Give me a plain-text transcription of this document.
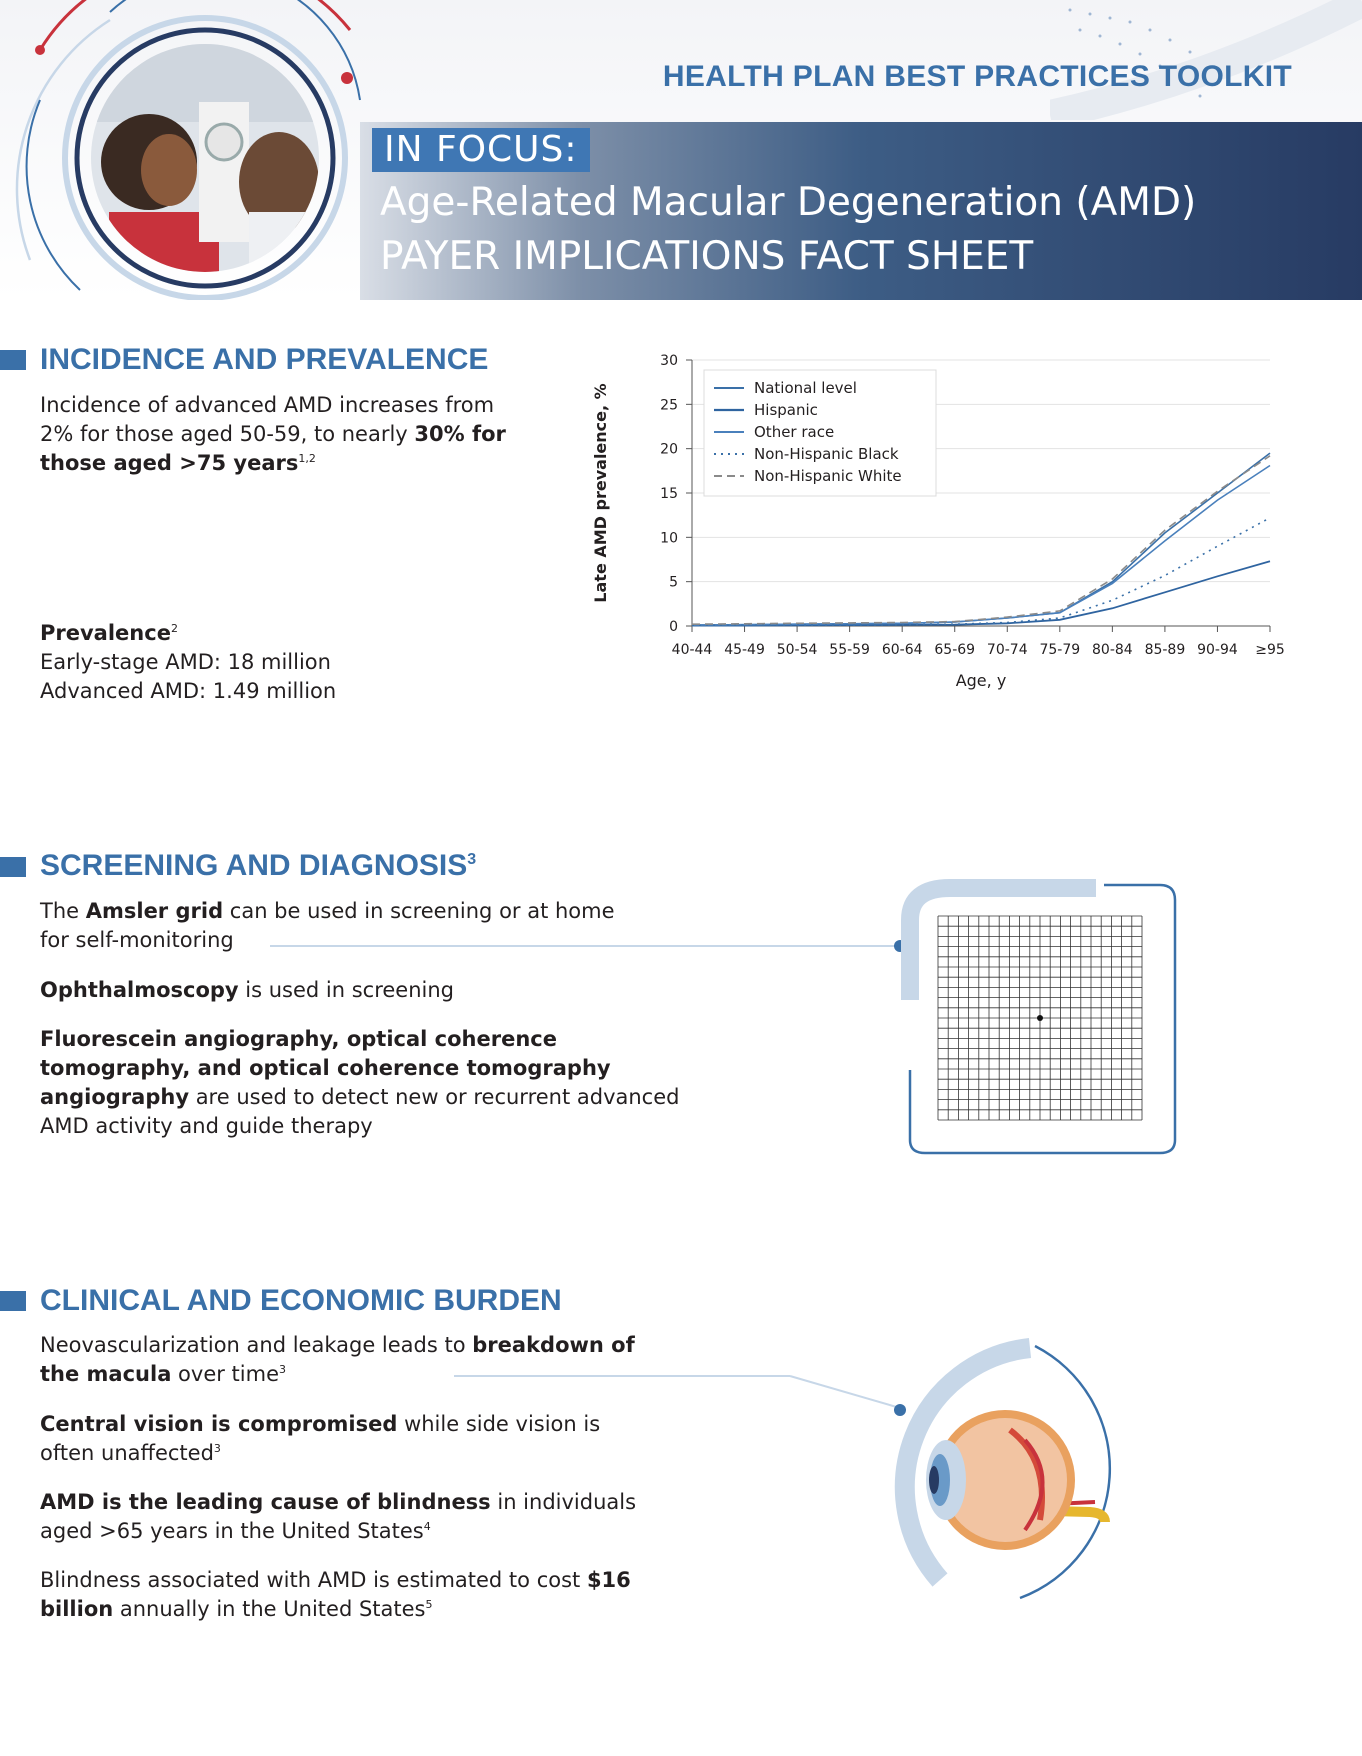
HEALTH PLAN BEST PRACTICES TOOLKIT
IN FOCUS:
Age-Related Macular Degeneration (AMD)
PAYER IMPLICATIONS FACT SHEET
INCIDENCE AND PREVALENCE
Incidence of advanced AMD increases from 2% for those aged 50-59, to nearly 30% for those aged >75 years$^{1,2}$
Prevalence$^2$
Early-stage AMD: 18 million
Advanced AMD: 1.49 million
0
5
10
15
20
25
30
40-44 45-49 50-54 55-59 60-64 65-69 70-74 75-79 80-84 85-89 90-94 ≥95
Age, y
Late AMD prevalence, %	National level
Hispanic
Other race
Non-Hispanic Black
Non-Hispanic White
SCREENING AND DIAGNOSIS$^3$
The Amsler grid can be used in screening or at home for self-monitoring
Ophthalmoscopy is used in screening
Fluorescein angiography, optical coherence tomography, and optical coherence tomography angiography are used to detect new or recurrent advanced AMD activity and guide therapy
CLINICAL AND ECONOMIC BURDEN
Neovascularization and leakage leads to breakdown of the macula over time$^3$
Central vision is compromised while side vision is often unaffected$^3$
AMD is the leading cause of blindness in individuals aged >65 years in the United States$^4$
Blindness associated with AMD is estimated to cost $16 billion annually in the United States$^5$
